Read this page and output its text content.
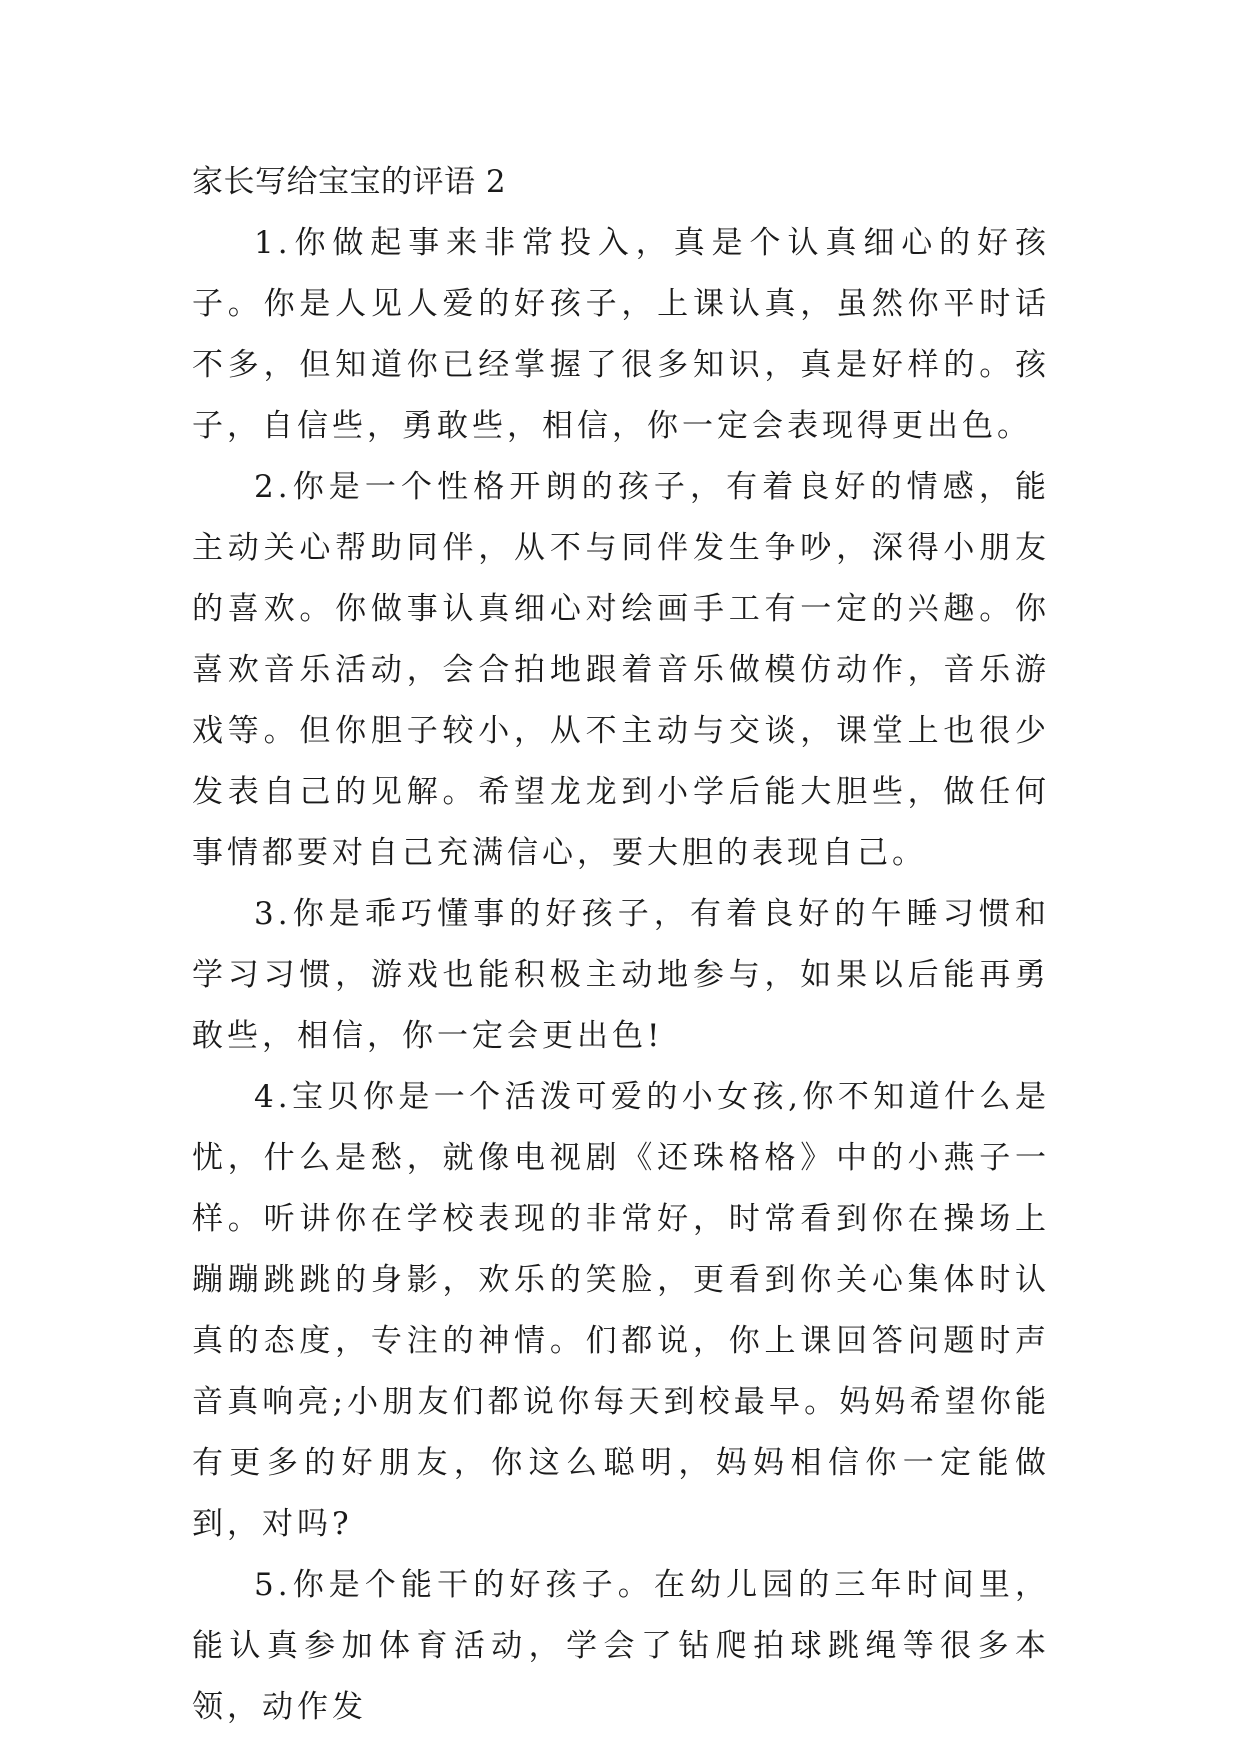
家长写给宝宝的评语 2

1.你做起事来非常投入，真是个认真细心的好孩子。你是人见人爱的好孩子，上课认真，虽然你平时话不多，但知道你已经掌握了很多知识，真是好样的。孩子，自信些，勇敢些，相信，你一定会表现得更出色。

2.你是一个性格开朗的孩子，有着良好的情感，能主动关心帮助同伴，从不与同伴发生争吵，深得小朋友的喜欢。你做事认真细心对绘画手工有一定的兴趣。你喜欢音乐活动，会合拍地跟着音乐做模仿动作，音乐游戏等。但你胆子较小，从不主动与交谈，课堂上也很少发表自己的见解。希望龙龙到小学后能大胆些，做任何事情都要对自己充满信心，要大胆的表现自己。

3.你是乖巧懂事的好孩子，有着良好的午睡习惯和学习习惯，游戏也能积极主动地参与，如果以后能再勇敢些，相信，你一定会更出色!

4.宝贝你是一个活泼可爱的小女孩,你不知道什么是忧，什么是愁，就像电视剧《还珠格格》中的小燕子一样。听讲你在学校表现的非常好，时常看到你在操场上蹦蹦跳跳的身影，欢乐的笑脸，更看到你关心集体时认真的态度，专注的神情。们都说，你上课回答问题时声音真响亮;小朋友们都说你每天到校最早。妈妈希望你能有更多的好朋友，你这么聪明，妈妈相信你一定能做到，对吗?

5.你是个能干的好孩子。在幼儿园的三年时间里，能认真参加体育活动，学会了钻爬拍球跳绳等很多本领，动作发
